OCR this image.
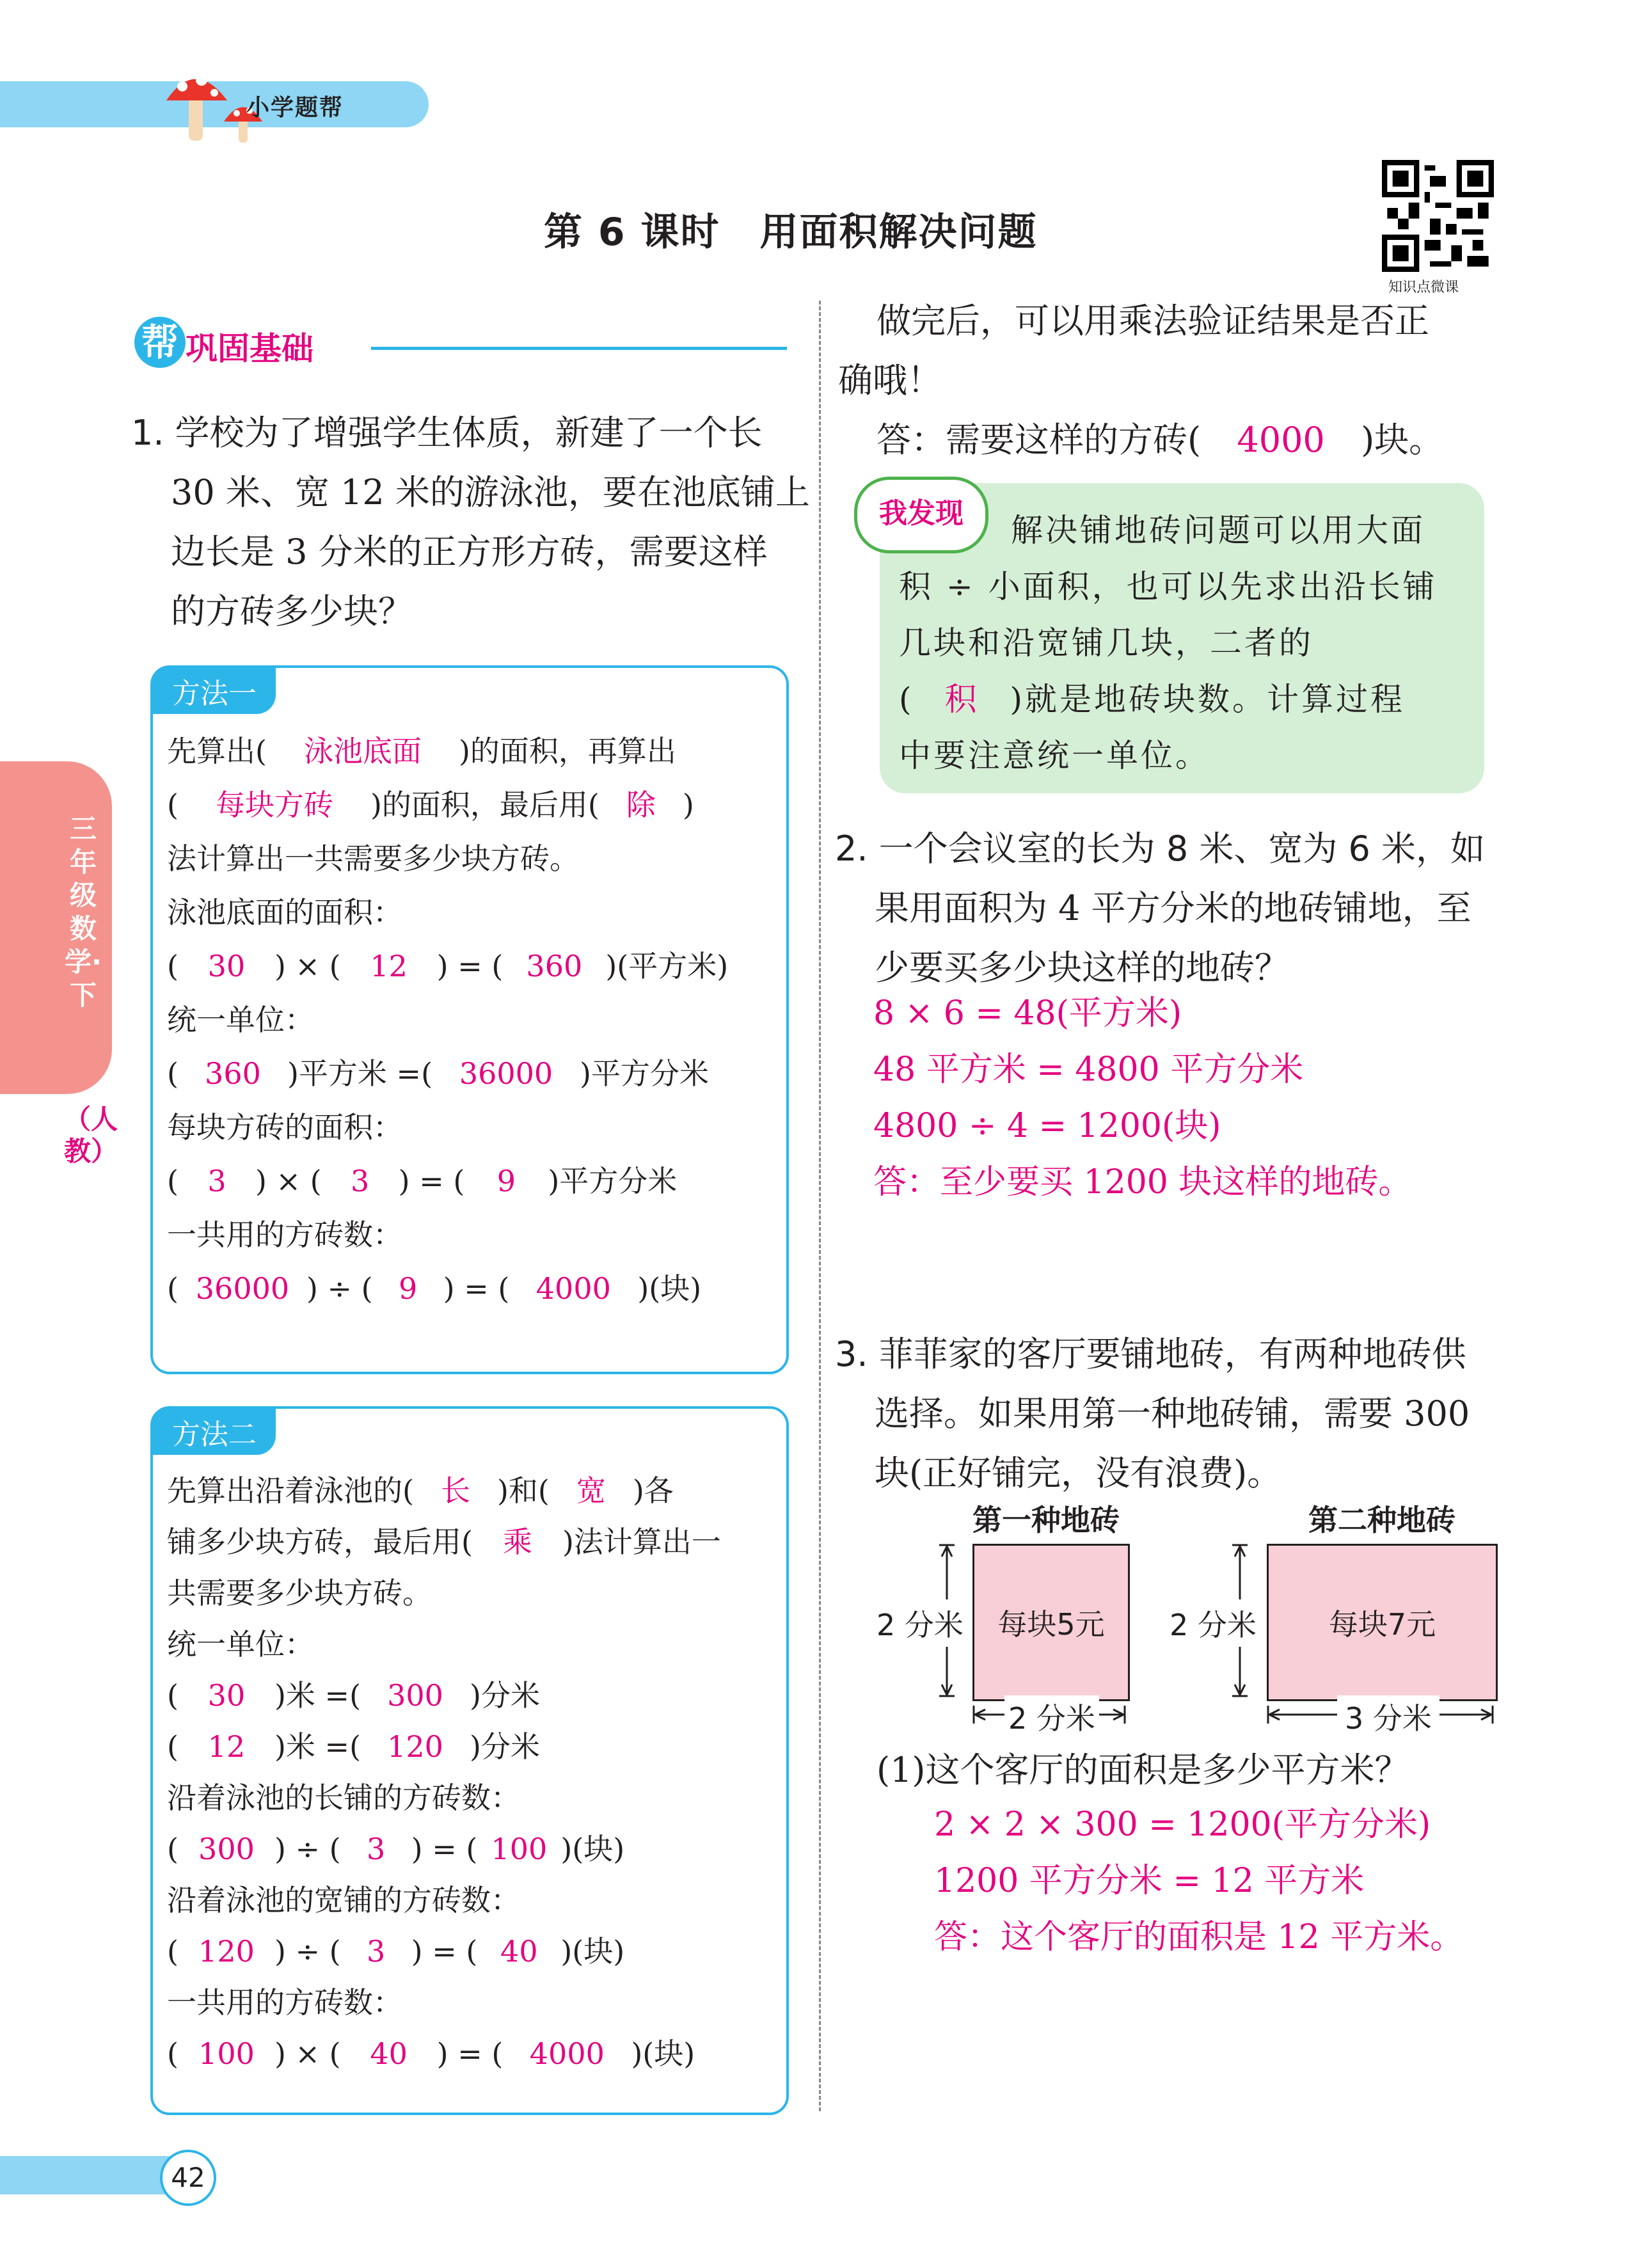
小学题帮
第 6 课时　用面积解决问题
知识点微课
三年级数学·下
（人教）
帮 巩固基础
1. 学校为了增强学生体质，新建了一个长
30 米、宽 12 米的游泳池，要在池底铺上
边长是 3 分米的正方形方砖，需要这样
的方砖多少块？
方法一
先算出( 泳池底面 )的面积，再算出
( 每块方砖 )的面积，最后用( 除 )
法计算出一共需要多少块方砖。
泳池底面的面积：
( 30 ) × ( 12 ) = ( 360 )(平方米)
统一单位：
( 360 )平方米 =( 36000 )平方分米
每块方砖的面积：
( 3 ) × ( 3 ) = ( 9 )平方分米
一共用的方砖数：
( 36000 ) ÷ ( 9 ) = ( 4000 )(块)
方法二
先算出沿着泳池的( 长 )和( 宽 )各
铺多少块方砖，最后用( 乘 )法计算出一
共需要多少块方砖。
统一单位：
( 30 )米 =( 300 )分米
( 12 )米 =( 120 )分米
沿着泳池的长铺的方砖数：
( 300 ) ÷ ( 3 ) = ( 100 )(块)
沿着泳池的宽铺的方砖数：
( 120 ) ÷ ( 3 ) = ( 40 )(块)
一共用的方砖数：
( 100 ) × ( 40 ) = ( 4000 )(块)
做完后，可以用乘法验证结果是否正
确哦！
答：需要这样的方砖( 4000 )块。
我发现	解决铺地砖问题可以用大面
积 ÷ 小面积，也可以先求出沿长铺
几块和沿宽铺几块，二者的
( 积 )就是地砖块数。计算过程
中要注意统一单位。
2. 一个会议室的长为 8 米、宽为 6 米，如
果用面积为 4 平方分米的地砖铺地，至
少要买多少块这样的地砖？
8 × 6 = 48(平方米)
48 平方米 = 4800 平方分米
4800 ÷ 4 = 1200(块)
答：至少要买 1200 块这样的地砖。
3. 菲菲家的客厅要铺地砖，有两种地砖供
选择。如果用第一种地砖铺，需要 300
块(正好铺完，没有浪费)。
第一种地砖
每块5元
2 分米
2 分米
第二种地砖
每块7元
2 分米
3 分米
(1)这个客厅的面积是多少平方米？
2 × 2 × 300 = 1200(平方分米)
1200 平方分米 = 12 平方米
答：这个客厅的面积是 12 平方米。
42
